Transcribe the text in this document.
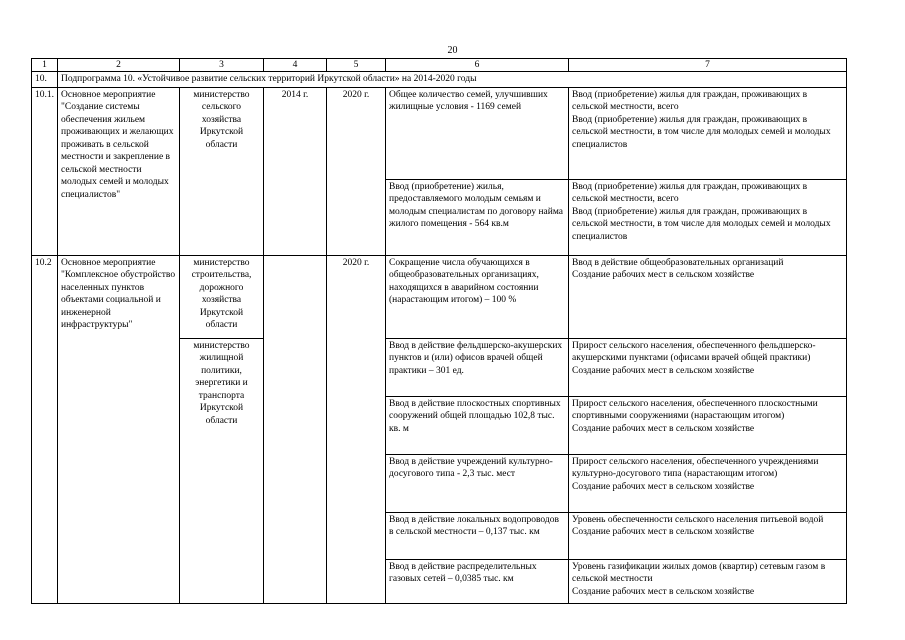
20
1	2	3	4	5	6	7
10.	Подпрограмма 10. «Устойчивое развитие сельских территорий Иркутской области» на 2014-2020 годы					
10.1.	Основное мероприятие "Создание системы обеспечения жильем проживающих и желающих проживать в сельской местности и закрепление в сельской местности молодых семей и молодых специалистов"	министерство сельского хозяйства Иркутской области	2014 г.	2020 г.	Общее количество семей, улучшивших жилищные условия - 1169 семей	Ввод (приобретение) жилья для граждан, проживающих в сельской местности, всего
Ввод (приобретение) жилья для граждан, проживающих в сельской местности, в том числе для молодых семей и молодых специалистов

					Ввод (приобретение) жилья, предоставляемого молодым семьям и молодым специалистам по договору найма жилого помещения - 564 кв.м	Ввод (приобретение) жилья для граждан, проживающих в сельской местности, всего
Ввод (приобретение) жилья для граждан, проживающих в сельской местности, в том числе для молодых семей и молодых специалистов

10.2	Основное мероприятие "Комплексное обустройство населенных пунктов объектами социальной и инженерной инфраструктуры"	министерство строительства, дорожного хозяйства Иркутской области		2020 г.	Сокращение числа обучающихся в общеобразовательных организациях, находящихся в аварийном состоянии (нарастающим итогом) – 100 %	Ввод в действие общеобразовательных организаций
Создание рабочих мест в сельском хозяйстве

		министерство жилищной политики, энергетики и транспорта Иркутской области			Ввод в действие фельдшерско-акушерских пунктов и (или) офисов врачей общей практики – 301 ед.	Прирост сельского населения, обеспеченного фельдшерско-акушерскими пунктами (офисами врачей общей практики)
Создание рабочих мест в сельском хозяйстве

					Ввод в действие плоскостных спортивных сооружений общей площадью 102,8 тыс. кв. м	Прирост сельского населения, обеспеченного плоскостными спортивными сооружениями (нарастающим итогом)
Создание рабочих мест в сельском хозяйстве

					Ввод в действие учреждений культурно-досугового типа - 2,3 тыс. мест	Прирост сельского населения, обеспеченного учреждениями культурно-досугового типа (нарастающим итогом)
Создание рабочих мест в сельском хозяйстве

					Ввод в действие локальных водопроводов в сельской местности – 0,137 тыс. км	Уровень обеспеченности сельского населения питьевой водой
Создание рабочих мест в сельском хозяйстве

					Ввод в действие распределительных газовых сетей – 0,0385 тыс. км	Уровень газификации жилых домов (квартир) сетевым газом в сельской местности
Создание рабочих мест в сельском хозяйстве
